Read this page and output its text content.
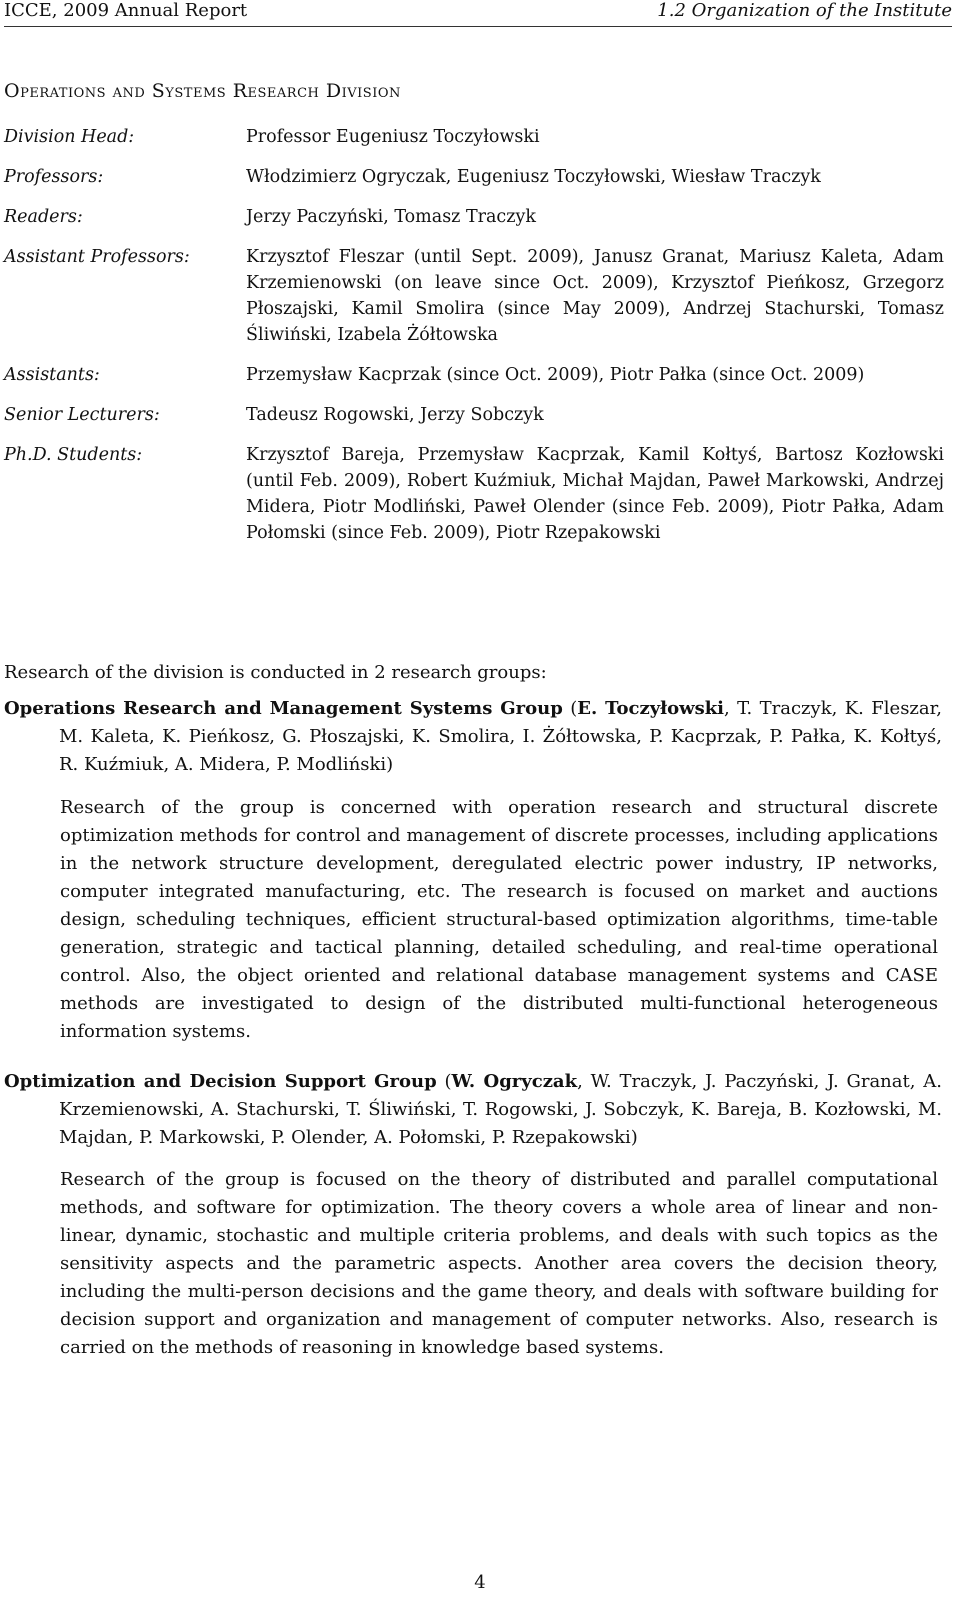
ICCE, 2009 Annual Report	1.2 Organization of the Institute
Operations and Systems Research Division
Division Head:	Professor Eugeniusz Toczyłowski
Professors:	Włodzimierz Ogryczak, Eugeniusz Toczyłowski, Wiesław Traczyk
Readers:	Jerzy Paczyński, Tomasz Traczyk
Assistant Professors:	Krzysztof Fleszar (until Sept. 2009), Janusz Granat, Mariusz Kaleta, Adam Krzemienowski (on leave since Oct. 2009), Krzysztof Pieńkosz, Grzegorz Płoszajski, Kamil Smolira (since May 2009), Andrzej Stachurski, Tomasz Śliwiński, Izabela Żółtowska
Assistants:	Przemysław Kacprzak (since Oct. 2009), Piotr Pałka (since Oct. 2009)
Senior Lecturers:	Tadeusz Rogowski, Jerzy Sobczyk
Ph.D. Students:	Krzysztof Bareja, Przemysław Kacprzak, Kamil Kołtyś, Bartosz Kozłowski (until Feb. 2009), Robert Kuźmiuk, Michał Majdan, Paweł Markowski, Andrzej Midera, Piotr Modliński, Paweł Olender (since Feb. 2009), Piotr Pałka, Adam Połomski (since Feb. 2009), Piotr Rzepakowski
Research of the division is conducted in 2 research groups:
Operations Research and Management Systems Group (E. Toczyłowski, T. Traczyk, K. Fleszar, M. Kaleta, K. Pieńkosz, G. Płoszajski, K. Smolira, I. Żółtowska, P. Kacprzak, P. Pałka, K. Kołtyś, R. Kuźmiuk, A. Midera, P. Modliński)
Research of the group is concerned with operation research and structural discrete optimization methods for control and management of discrete processes, including applications in the network structure development, deregulated electric power industry, IP networks, computer integrated manufacturing, etc. The research is focused on market and auctions design, scheduling techniques, efficient structural-based optimization algorithms, time-table generation, strategic and tactical planning, detailed scheduling, and real-time operational control. Also, the object oriented and relational database management systems and CASE methods are investigated to design of the distributed multi-functional heterogeneous information systems.
Optimization and Decision Support Group (W. Ogryczak, W. Traczyk, J. Paczyński, J. Granat, A. Krzemienowski, A. Stachurski, T. Śliwiński, T. Rogowski, J. Sobczyk, K. Bareja, B. Kozłowski, M. Majdan, P. Markowski, P. Olender, A. Połomski, P. Rzepakowski)
Research of the group is focused on the theory of distributed and parallel computational methods, and software for optimization. The theory covers a whole area of linear and non-linear, dynamic, stochastic and multiple criteria problems, and deals with such topics as the sensitivity aspects and the parametric aspects. Another area covers the decision theory, including the multi-person decisions and the game theory, and deals with software building for decision support and organization and management of computer networks. Also, research is carried on the methods of reasoning in knowledge based systems.
4
